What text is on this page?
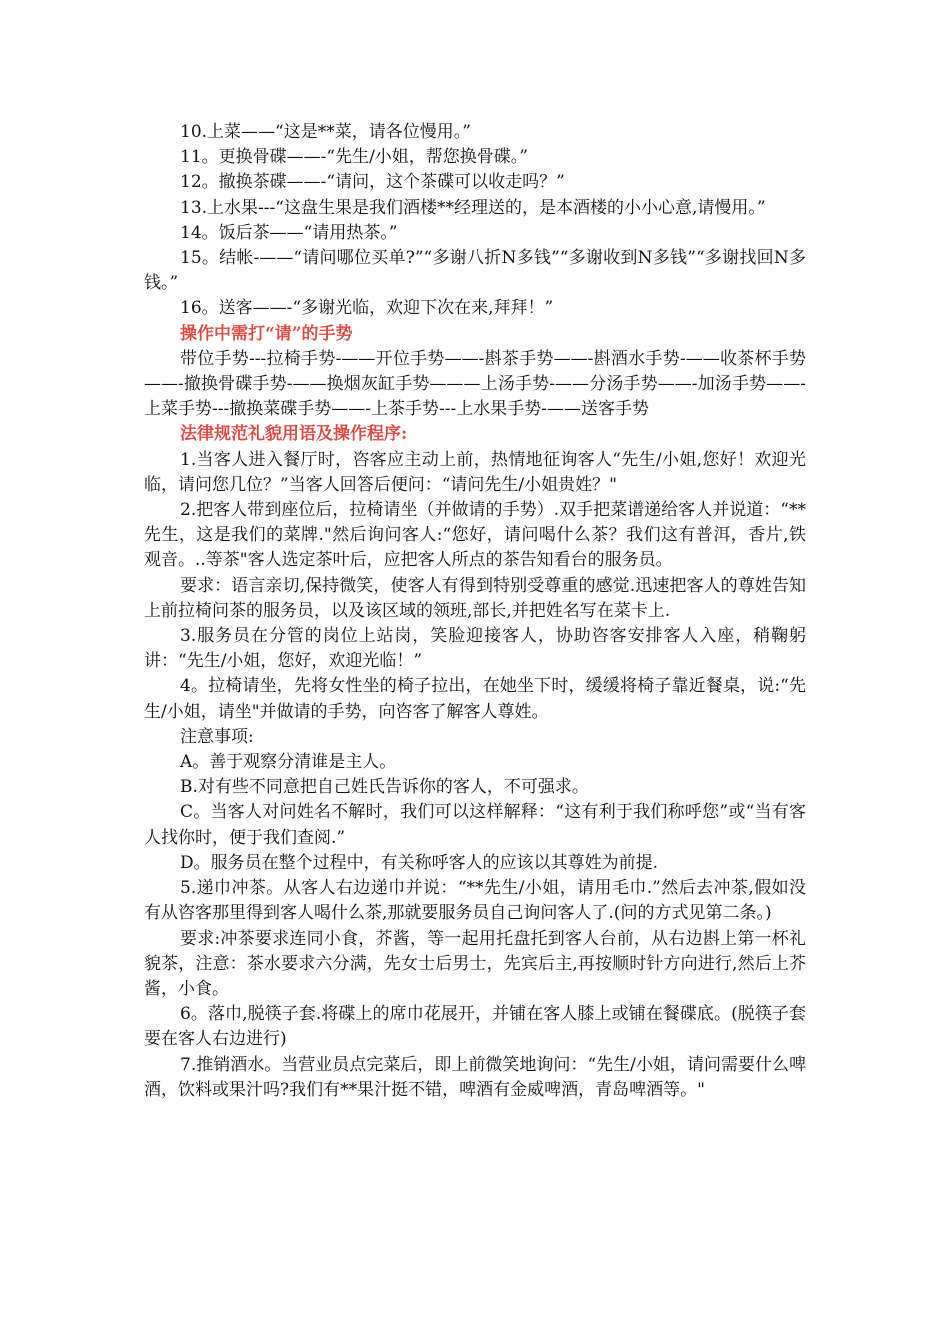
10.上菜——“这是**菜，请各位慢用。”

11。更换骨碟——-“先生/小姐，帮您换骨碟。”

12。撤换茶碟——-“请问，这个茶碟可以收走吗？”

13.上水果---“这盘生果是我们酒楼**经理送的，是本酒楼的小小心意,请慢用。”

14。饭后茶——“请用热茶。”

15。结帐-——“请问哪位买单?”“多谢八折N多钱”“多谢收到N多钱”“多谢找回N多钱。”

16。送客——-“多谢光临，欢迎下次在来,拜拜！”

操作中需打“请”的手势

带位手势---拉椅手势-——开位手势——-斟茶手势——-斟酒水手势-——收茶杯手势——-撤换骨碟手势-——换烟灰缸手势———上汤手势-——分汤手势——-加汤手势——-上菜手势---撤换菜碟手势——-上茶手势---上水果手势-——送客手势

法律规范礼貌用语及操作程序:

1.当客人进入餐厅时，咨客应主动上前，热情地征询客人“先生/小姐,您好！欢迎光临，请问您几位？”当客人回答后便问：“请问先生/小姐贵姓？"

2.把客人带到座位后，拉椅请坐（并做请的手势）.双手把菜谱递给客人并说道：“**先生，这是我们的菜牌."然后询问客人:“您好，请问喝什么茶？我们这有普洱，香片,铁观音。..等茶"客人选定茶叶后，应把客人所点的茶告知看台的服务员。

要求：语言亲切,保持微笑，使客人有得到特别受尊重的感觉.迅速把客人的尊姓告知上前拉椅问茶的服务员，以及该区域的领班,部长,并把姓名写在菜卡上.

3.服务员在分管的岗位上站岗，笑脸迎接客人，协助咨客安排客人入座，稍鞠躬讲：“先生/小姐，您好，欢迎光临！”

4。拉椅请坐，先将女性坐的椅子拉出，在她坐下时，缓缓将椅子靠近餐桌，说:“先生/小姐，请坐"并做请的手势，向咨客了解客人尊姓。

注意事项:

A。善于观察分清谁是主人。

B.对有些不同意把自己姓氏告诉你的客人，不可强求。

C。当客人对问姓名不解时，我们可以这样解释：“这有利于我们称呼您”或“当有客人找你时，便于我们查阅.”

D。服务员在整个过程中，有关称呼客人的应该以其尊姓为前提.

5.递巾冲茶。从客人右边递巾并说：“**先生/小姐，请用毛巾.”然后去冲茶,假如没有从咨客那里得到客人喝什么茶,那就要服务员自己询问客人了.(问的方式见第二条。)

要求:冲茶要求连同小食，芥酱，等一起用托盘托到客人台前，从右边斟上第一杯礼貌茶，注意：茶水要求六分满，先女士后男士，先宾后主,再按顺时针方向进行,然后上芥酱，小食。

6。落巾,脱筷子套.将碟上的席巾花展开，并铺在客人膝上或铺在餐碟底。(脱筷子套要在客人右边进行)

7.推销酒水。当营业员点完菜后，即上前微笑地询问：“先生/小姐，请问需要什么啤酒，饮料或果汁吗?我们有**果汁挺不错，啤酒有金威啤酒，青岛啤酒等。"
